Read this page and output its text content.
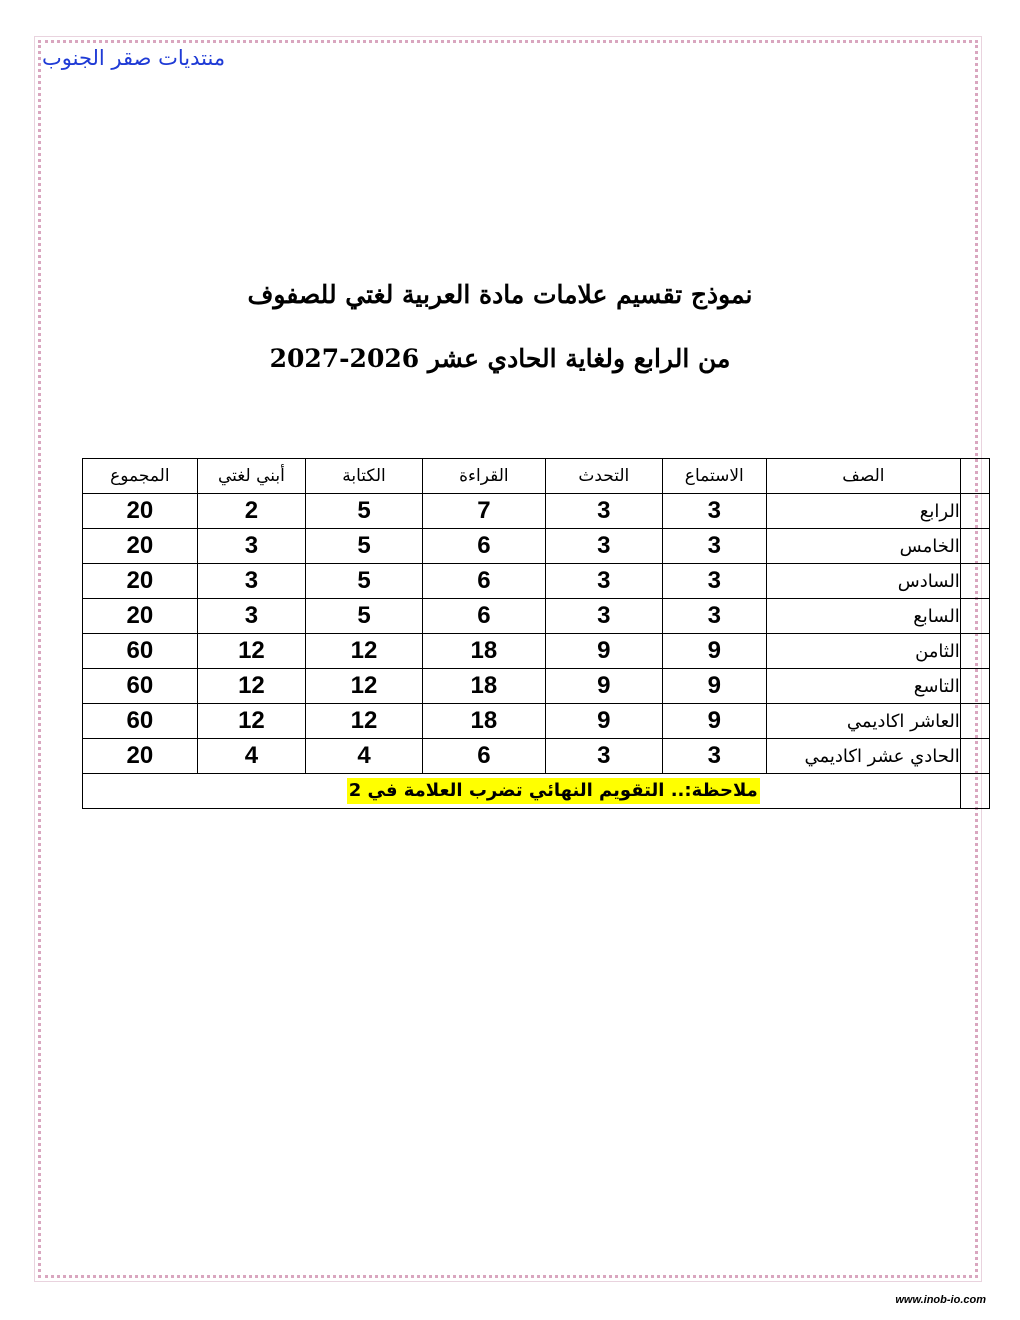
منتديات صقر الجنوب

نموذج تقسيم علامات مادة العربية لغتي للصفوف

من الرابع ولغاية الحادي عشر 2026-2027

	الصف	الاستماع	التحدث	القراءة	الكتابة	أبني لغتي	المجموع
	الرابع	3	3	7	5	2	20
	الخامس	3	3	6	5	3	20
	السادس	3	3	6	5	3	20
	السابع	3	3	6	5	3	20
	الثامن	9	9	18	12	12	60
	التاسع	9	9	18	12	12	60
	العاشر اكاديمي	9	9	18	12	12	60
	الحادي عشر اكاديمي	3	3	6	4	4	20
	ملاحظة:.. التقويم النهائي تضرب العلامة في 2						
www.inob-io.com
